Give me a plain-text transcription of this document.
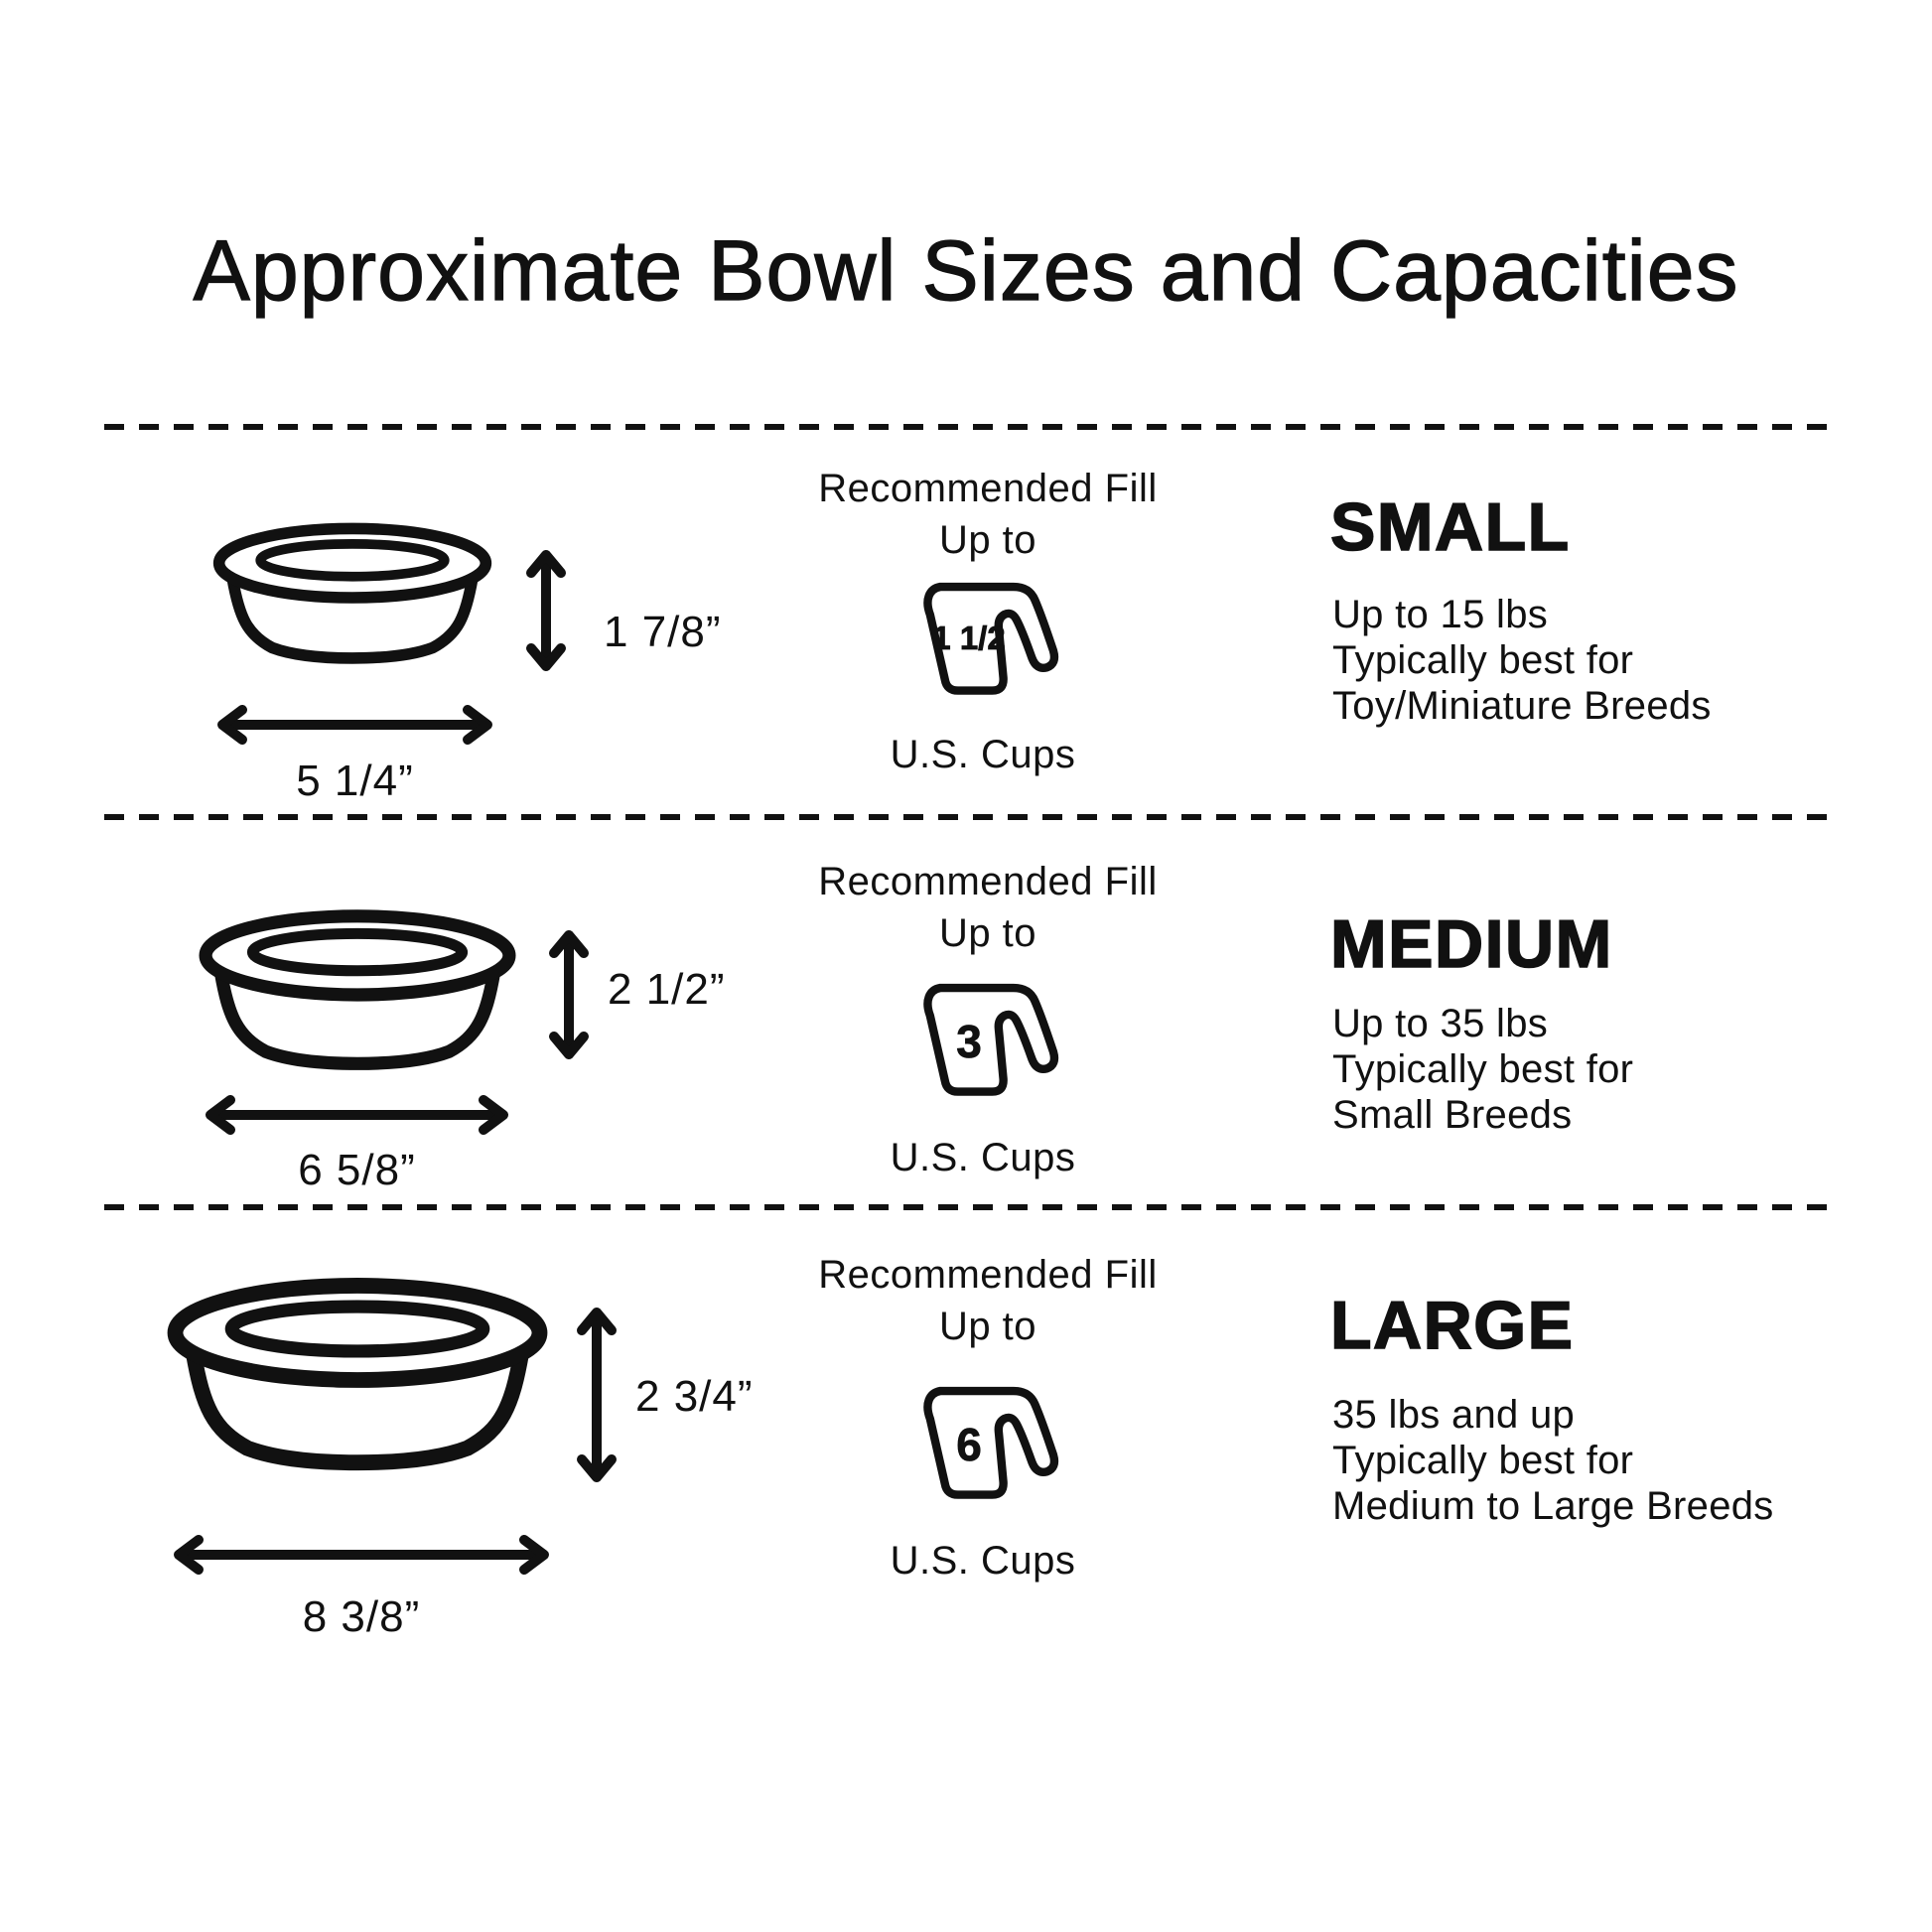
Approximate Bowl Sizes and Capacities
1 7/8”
5 1/4”
Recommended Fill
Up to
1 1/2
U.S. Cups
SMALL
Up to 15 lbs
Typically best for
Toy/Miniature Breeds
2 1/2”
6 5/8”
Recommended Fill
Up to
3
U.S. Cups
MEDIUM
Up to 35 lbs
Typically best for
Small Breeds
2 3/4”
8 3/8”
Recommended Fill
Up to
6
U.S. Cups
LARGE
35 lbs and up
Typically best for
Medium to Large Breeds
